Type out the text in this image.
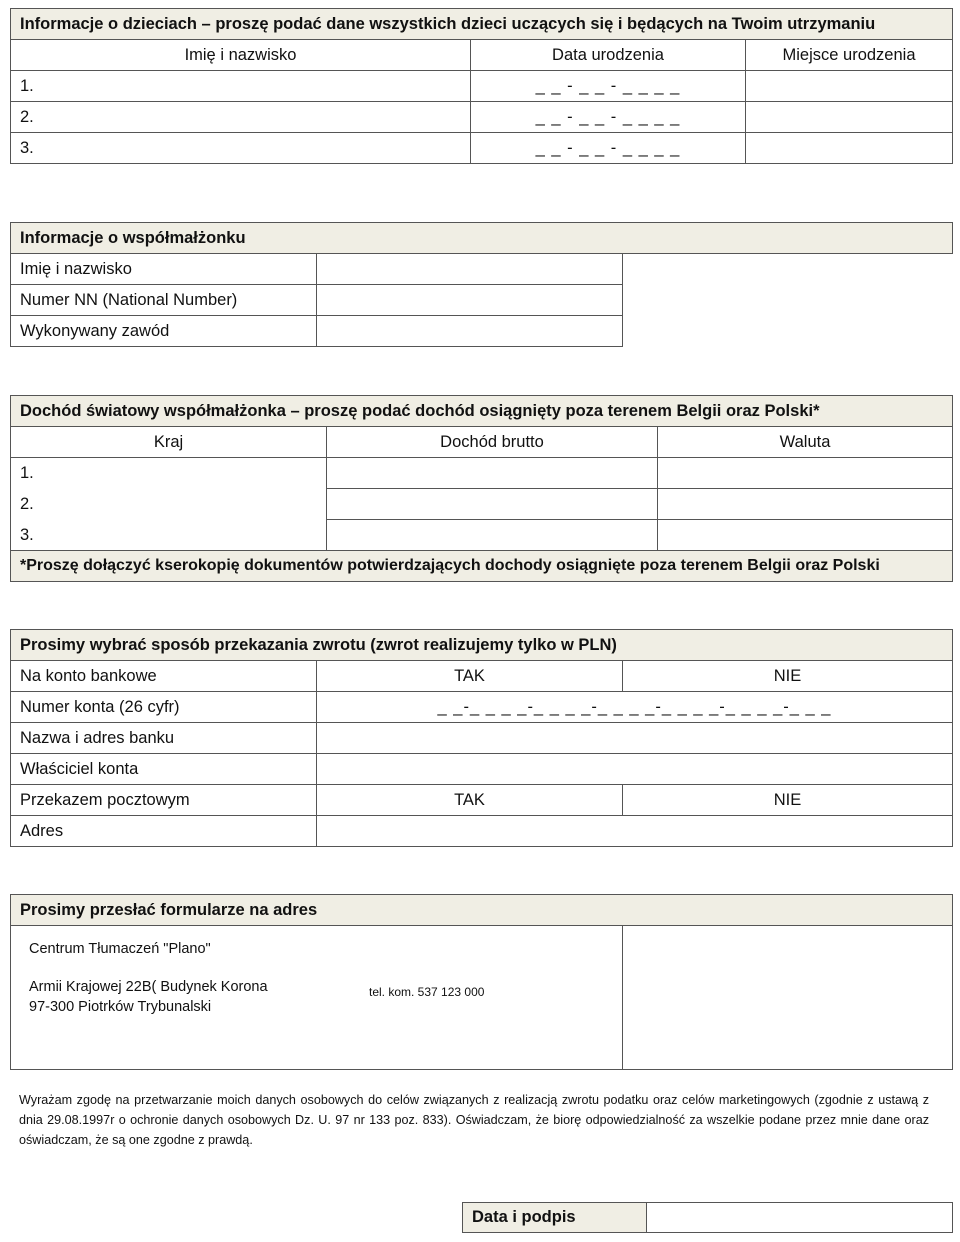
Informacje o dzieciach – proszę podać dane wszystkich dzieci uczących się i będących na Twoim utrzymaniu		
Imię i nazwisko	Data urodzenia	Miejsce urodzenia
1.	_ _ - _ _ - _ _ _ _	
2.	_ _ - _ _ - _ _ _ _	
3.	_ _ - _ _ - _ _ _ _	
Informacje o współmałżonku		
Imię i nazwisko		
Numer NN (National Number)		
Wykonywany zawód		
Dochód światowy współmałżonka – proszę podać dochód osiągnięty poza terenem Belgii oraz Polski*		
Kraj	Dochód brutto	Waluta
1.		
2.		
3.		
*Proszę dołączyć kserokopię dokumentów potwierdzających dochody osiągnięte poza terenem Belgii oraz Polski		
Prosimy wybrać sposób przekazania zwrotu (zwrot realizujemy tylko w PLN)		
Na konto bankowe	TAK	NIE
Numer konta (26 cyfr)	_ _-_ _ _ _-_ _ _ _-_ _ _ _-_ _ _ _-_ _ _ _-_ _ _	
Nazwa i adres banku		
Właściciel konta		
Przekazem pocztowym	TAK	NIE
Adres		
Prosimy przesłać formularze na adres

Centrum Tłumaczeń "Plano"
Armii Krajowej 22B( Budynek Korona
97-300 Piotrków Trybunalski
tel. kom. 537 123 000

Wyrażam zgodę na przetwarzanie moich danych osobowych do celów związanych z realizacją zwrotu podatku oraz celów marketingowych (zgodnie z ustawą z dnia 29.08.1997r o ochronie danych osobowych Dz. U. 97 nr 133 poz. 833). Oświadczam, że biorę odpowiedzialność za wszelkie podane przez mnie dane oraz oświadczam, że są one zgodne z prawdą.
Data i podpis	
